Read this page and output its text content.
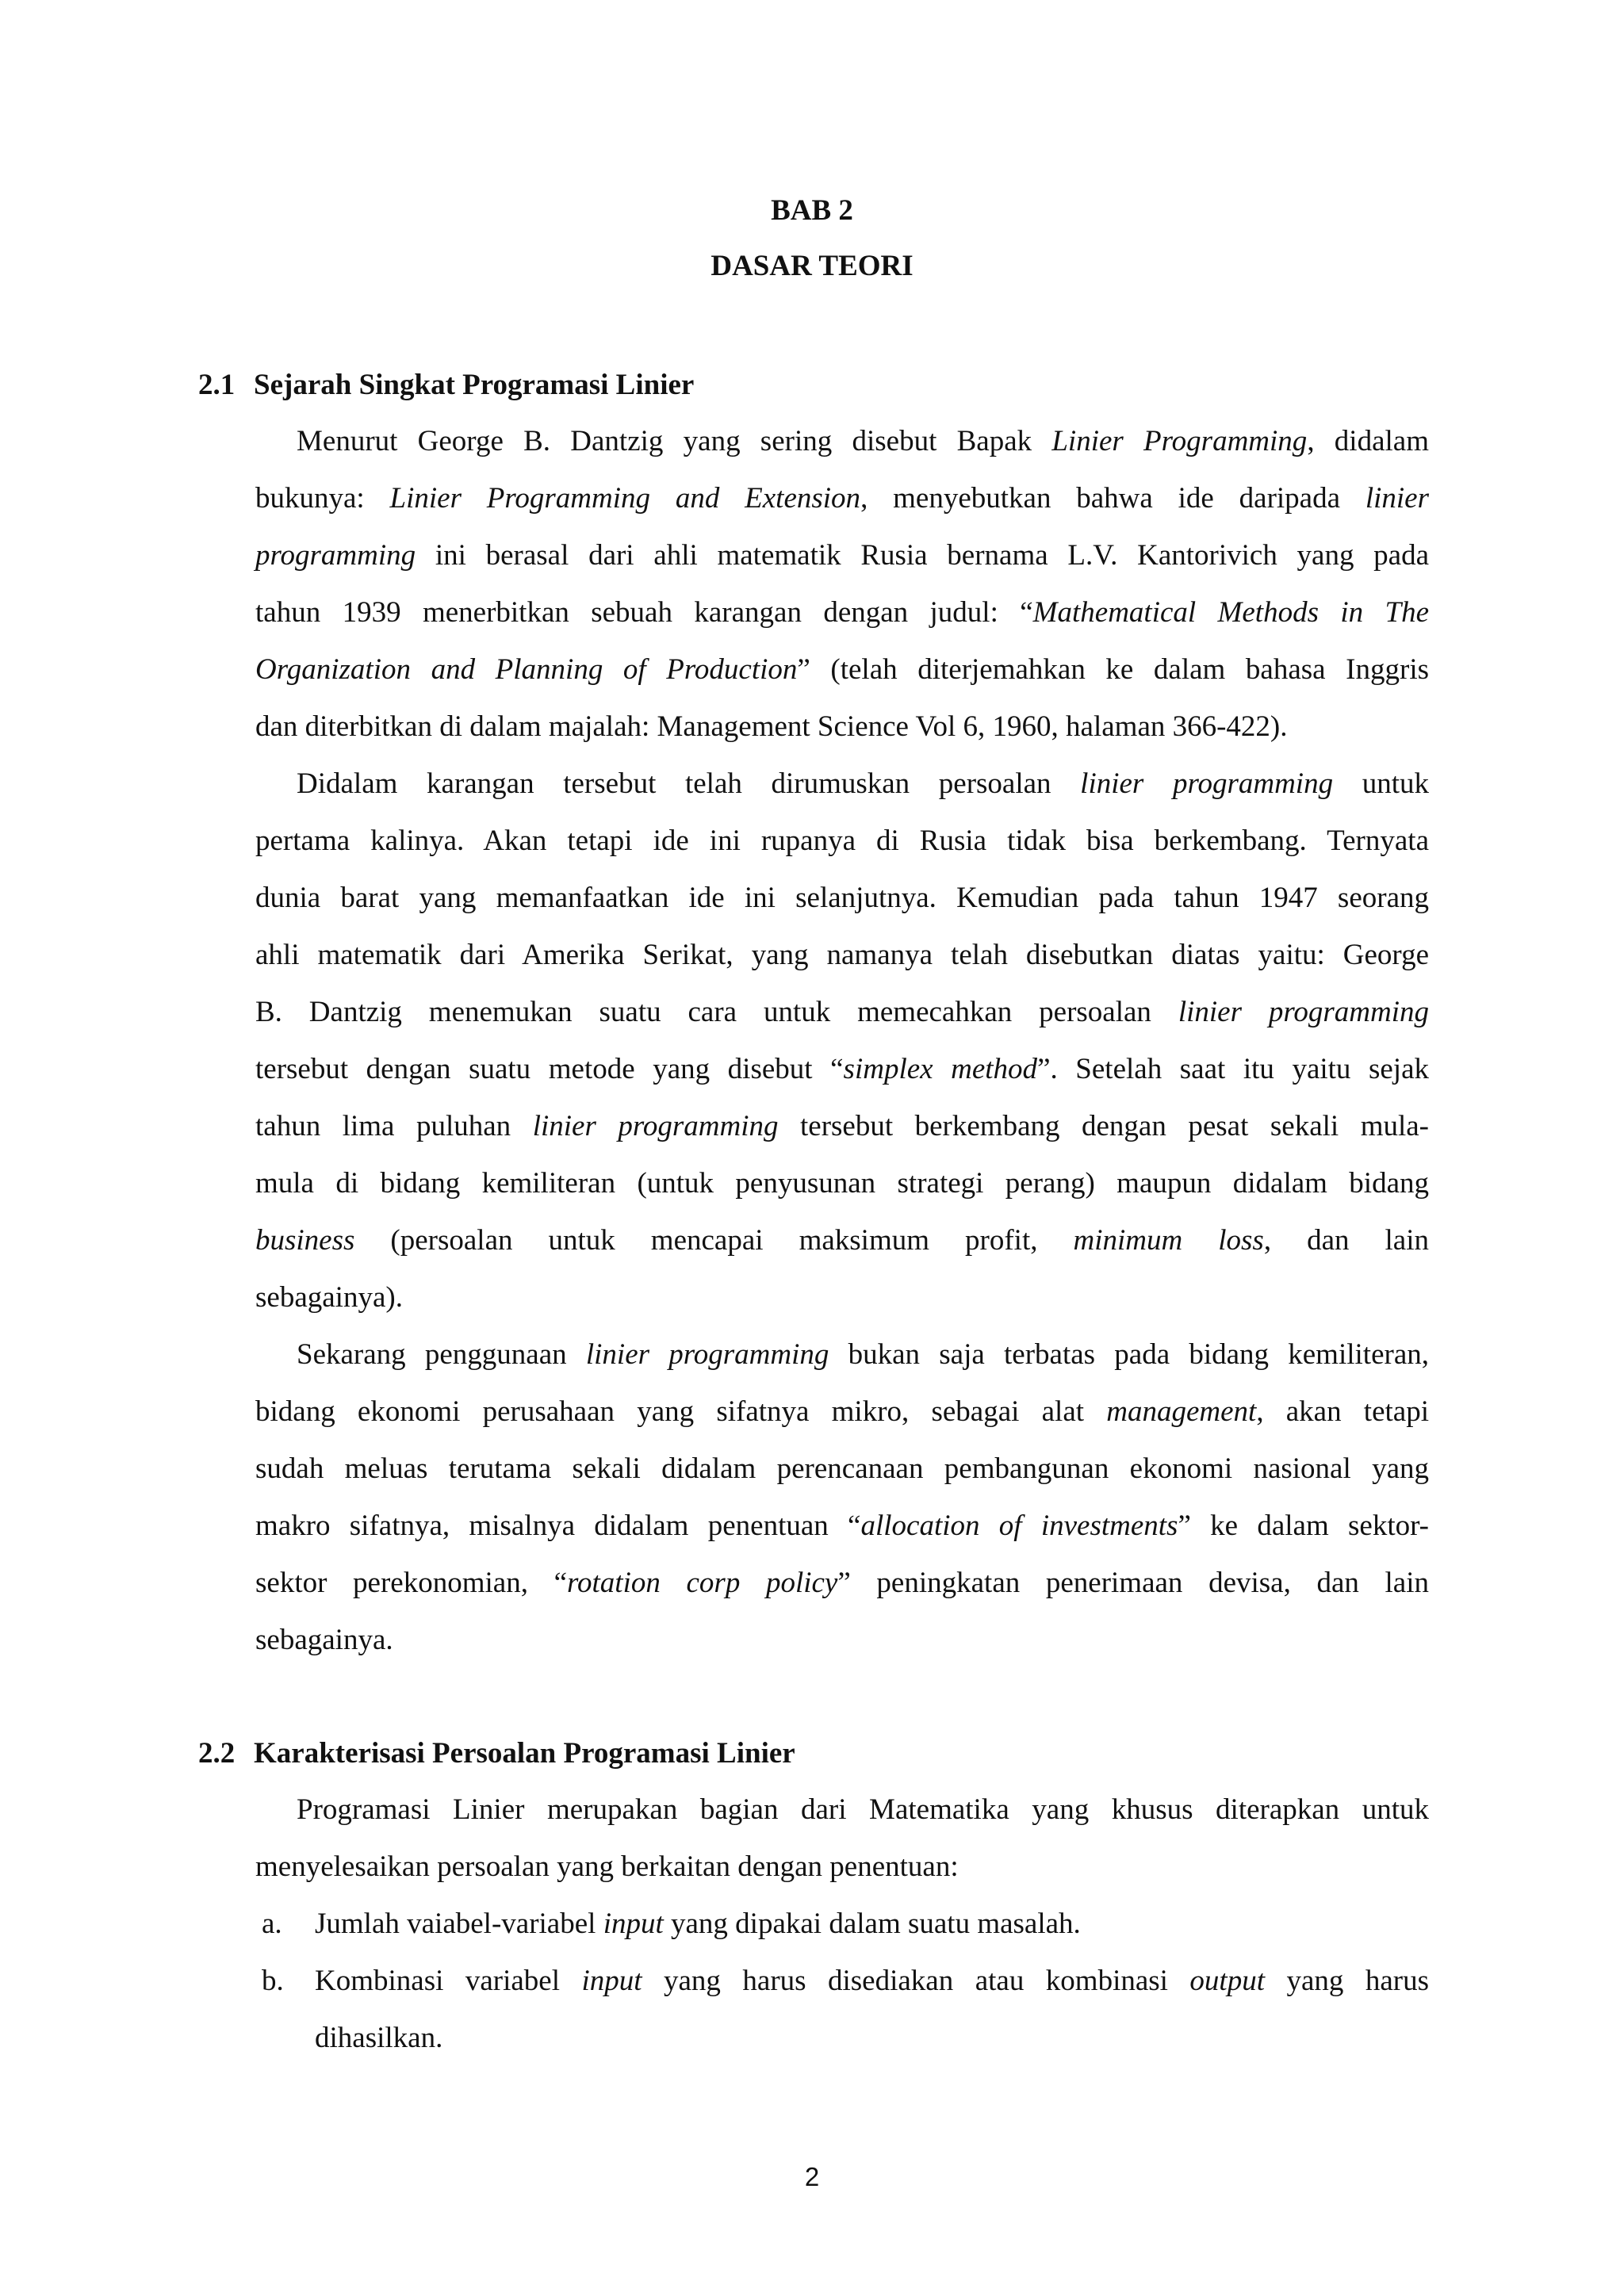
BAB 2
DASAR TEORI
2.1 Sejarah Singkat Programasi Linier
Menurut George B. Dantzig yang sering disebut Bapak Linier Programming, didalam
bukunya: Linier Programming and Extension, menyebutkan bahwa ide daripada linier
programming ini berasal dari ahli matematik Rusia bernama L.V. Kantorivich yang pada
tahun 1939 menerbitkan sebuah karangan dengan judul: “Mathematical Methods in The
Organization and Planning of Production” (telah diterjemahkan ke dalam bahasa Inggris
dan diterbitkan di dalam majalah: Management Science Vol 6, 1960, halaman 366-422).
Didalam karangan tersebut telah dirumuskan persoalan linier programming untuk
pertama kalinya. Akan tetapi ide ini rupanya di Rusia tidak bisa berkembang. Ternyata
dunia barat yang memanfaatkan ide ini selanjutnya. Kemudian pada tahun 1947 seorang
ahli matematik dari Amerika Serikat, yang namanya telah disebutkan diatas yaitu: George
B. Dantzig menemukan suatu cara untuk memecahkan persoalan linier programming
tersebut dengan suatu metode yang disebut “simplex method”. Setelah saat itu yaitu sejak
tahun lima puluhan linier programming tersebut berkembang dengan pesat sekali mula-
mula di bidang kemiliteran (untuk penyusunan strategi perang) maupun didalam bidang
business (persoalan untuk mencapai maksimum profit, minimum loss, dan lain
sebagainya).
Sekarang penggunaan linier programming bukan saja terbatas pada bidang kemiliteran,
bidang ekonomi perusahaan yang sifatnya mikro, sebagai alat management, akan tetapi
sudah meluas terutama sekali didalam perencanaan pembangunan ekonomi nasional yang
makro sifatnya, misalnya didalam penentuan “allocation of investments” ke dalam sektor-
sektor perekonomian, “rotation corp policy” peningkatan penerimaan devisa, dan lain
sebagainya.
2.2 Karakterisasi Persoalan Programasi Linier
Programasi Linier merupakan bagian dari Matematika yang khusus diterapkan untuk
menyelesaikan persoalan yang berkaitan dengan penentuan:
a.	Jumlah vaiabel-variabel input yang dipakai dalam suatu masalah.
b.	Kombinasi variabel input yang harus disediakan atau kombinasi output yang harus
dihasilkan.
2
